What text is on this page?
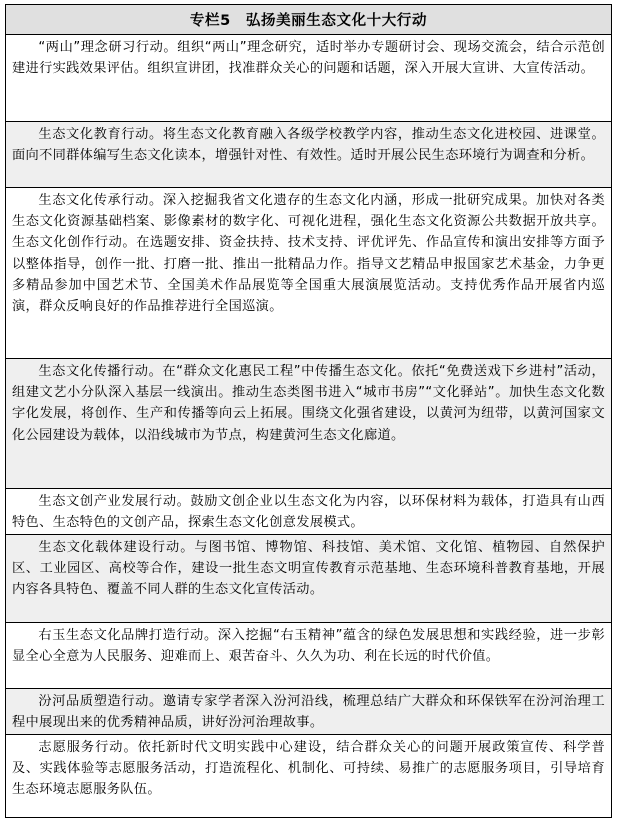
专栏5　弘扬美丽生态文化十大行动

“两山”理念研习行动。组织“两山”理念研究，适时举办专题研讨会、现场交流会，结合示范创建进行实践效果评估。组织宣讲团，找准群众关心的问题和话题，深入开展大宣讲、大宣传活动。

生态文化教育行动。将生态文化教育融入各级学校教学内容，推动生态文化进校园、进课堂。面向不同群体编写生态文化读本，增强针对性、有效性。适时开展公民生态环境行为调查和分析。

生态文化传承行动。深入挖掘我省文化遗存的生态文化内涵，形成一批研究成果。加快对各类生态文化资源基础档案、影像素材的数字化、可视化进程，强化生态文化资源公共数据开放共享。生态文化创作行动。在选题安排、资金扶持、技术支持、评优评先、作品宣传和演出安排等方面予以整体指导，创作一批、打磨一批、推出一批精品力作。指导文艺精品申报国家艺术基金，力争更多精品参加中国艺术节、全国美术作品展览等全国重大展演展览活动。支持优秀作品开展省内巡演，群众反响良好的作品推荐进行全国巡演。

生态文化传播行动。在“群众文化惠民工程”中传播生态文化。依托“免费送戏下乡进村”活动，组建文艺小分队深入基层一线演出。推动生态类图书进入“城市书房”“文化驿站”。加快生态文化数字化发展，将创作、生产和传播等向云上拓展。围绕文化强省建设，以黄河为纽带，以黄河国家文化公园建设为载体，以沿线城市为节点，构建黄河生态文化廊道。

生态文创产业发展行动。鼓励文创企业以生态文化为内容，以环保材料为载体，打造具有山西特色、生态特色的文创产品，探索生态文化创意发展模式。

生态文化载体建设行动。与图书馆、博物馆、科技馆、美术馆、文化馆、植物园、自然保护区、工业园区、高校等合作，建设一批生态文明宣传教育示范基地、生态环境科普教育基地，开展内容各具特色、覆盖不同人群的生态文化宣传活动。

右玉生态文化品牌打造行动。深入挖掘“右玉精神”蕴含的绿色发展思想和实践经验，进一步彰显全心全意为人民服务、迎难而上、艰苦奋斗、久久为功、利在长远的时代价值。

汾河品质塑造行动。邀请专家学者深入汾河沿线，梳理总结广大群众和环保铁军在汾河治理工程中展现出来的优秀精神品质，讲好汾河治理故事。

志愿服务行动。依托新时代文明实践中心建设，结合群众关心的问题开展政策宣传、科学普及、实践体验等志愿服务活动，打造流程化、机制化、可持续、易推广的志愿服务项目，引导培育生态环境志愿服务队伍。
